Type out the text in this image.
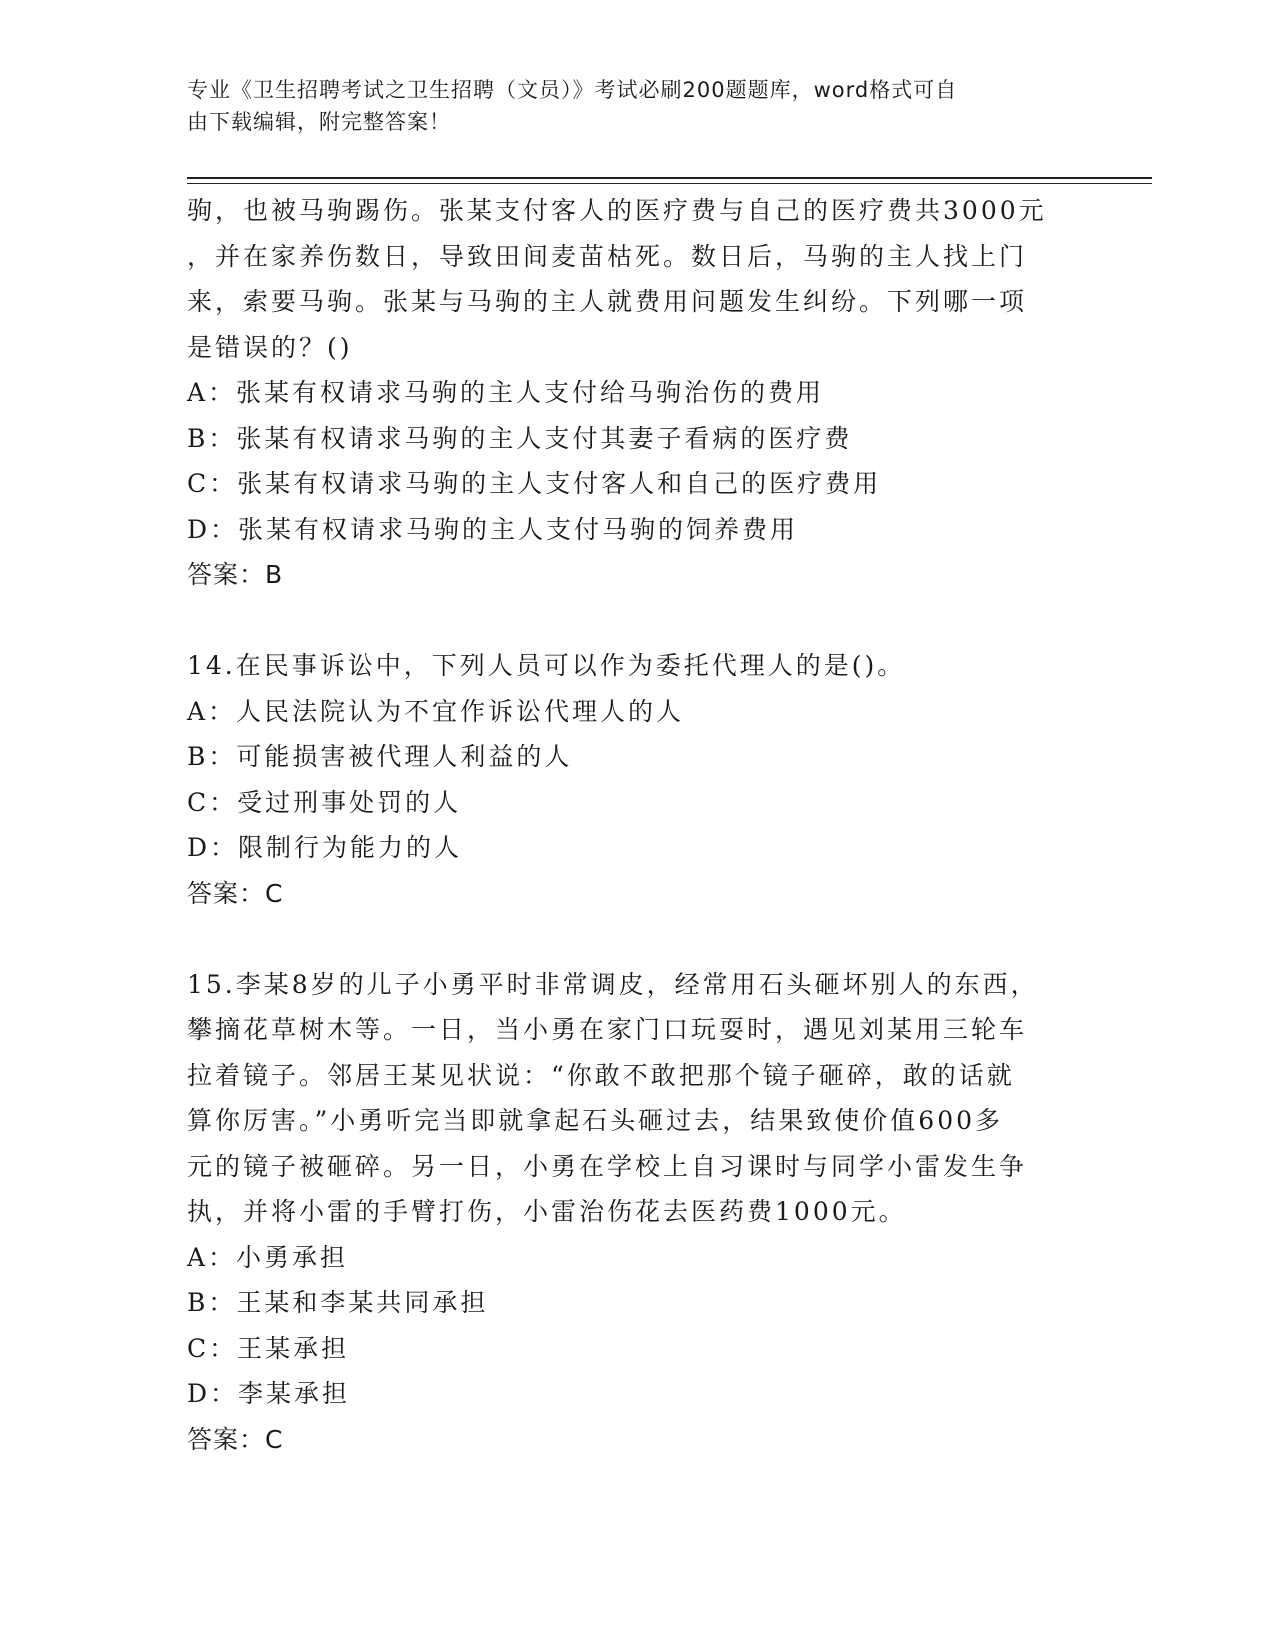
专业《卫生招聘考试之卫生招聘（文员）》考试必刷200题题库，word格式可自
由下载编辑，附完整答案！
驹，也被马驹踢伤。张某支付客人的医疗费与自己的医疗费共3000元
，并在家养伤数日，导致田间麦苗枯死。数日后，马驹的主人找上门
来，索要马驹。张某与马驹的主人就费用问题发生纠纷。下列哪一项
是错误的？()
A：张某有权请求马驹的主人支付给马驹治伤的费用
B：张某有权请求马驹的主人支付其妻子看病的医疗费
C：张某有权请求马驹的主人支付客人和自己的医疗费用
D：张某有权请求马驹的主人支付马驹的饲养费用
答案：B
14.在民事诉讼中，下列人员可以作为委托代理人的是()。
A：人民法院认为不宜作诉讼代理人的人
B：可能损害被代理人利益的人
C：受过刑事处罚的人
D：限制行为能力的人
答案：C
15.李某8岁的儿子小勇平时非常调皮，经常用石头砸坏别人的东西，
攀摘花草树木等。一日，当小勇在家门口玩耍时，遇见刘某用三轮车
拉着镜子。邻居王某见状说：“你敢不敢把那个镜子砸碎，敢的话就
算你厉害。”小勇听完当即就拿起石头砸过去，结果致使价值600多
元的镜子被砸碎。另一日，小勇在学校上自习课时与同学小雷发生争
执，并将小雷的手臂打伤，小雷治伤花去医药费1000元。
A：小勇承担
B：王某和李某共同承担
C：王某承担
D：李某承担
答案：C
